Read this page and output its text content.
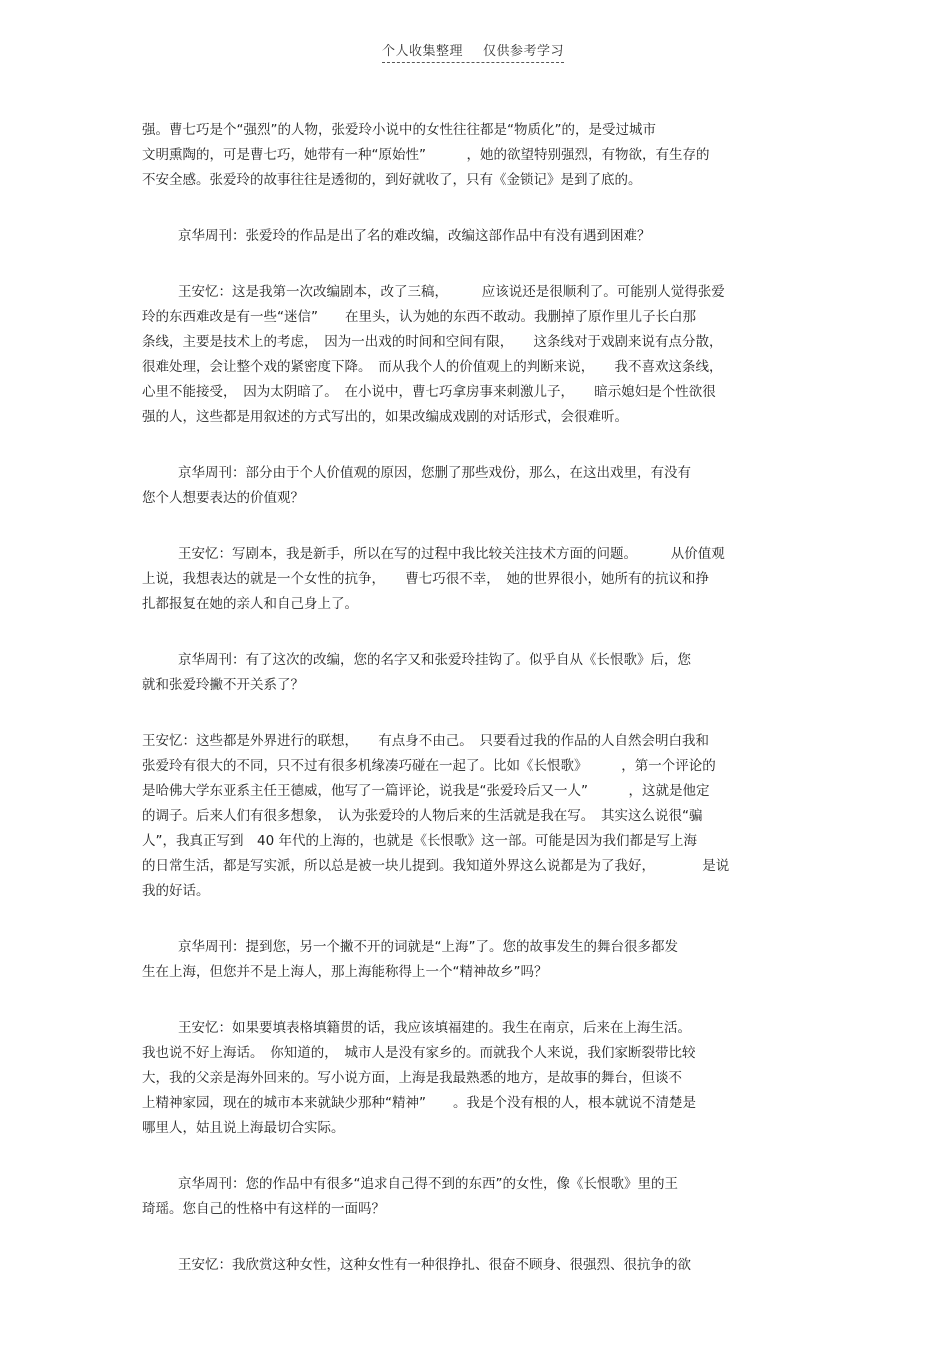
个人收集整理 仅供参考学习
强。曹七巧是个“强烈”的人物，张爱玲小说中的女性往往都是“物质化”的，是受过城市
文明熏陶的，可是曹七巧，她带有一种“原始性”　　　，她的欲望特别强烈，有物欲，有生存的
不安全感。张爱玲的故事往往是透彻的，到好就收了，只有《金锁记》是到了底的。
京华周刊：张爱玲的作品是出了名的难改编，改编这部作品中有没有遇到困难？
王安忆：这是我第一次改编剧本，改了三稿，　　　应该说还是很顺利了。可能别人觉得张爱
玲的东西难改是有一些“迷信”　　在里头，认为她的东西不敢动。我删掉了原作里儿子长白那
条线，主要是技术上的考虑，　因为一出戏的时间和空间有限，　　这条线对于戏剧来说有点分散，
很难处理，会让整个戏的紧密度下降。　而从我个人的价值观上的判断来说，　　我不喜欢这条线，
心里不能接受，　因为太阴暗了。　在小说中，曹七巧拿房事来刺激儿子，　　暗示媳妇是个性欲很
强的人，这些都是用叙述的方式写出的，如果改编成戏剧的对话形式，会很难听。
京华周刊：部分由于个人价值观的原因，您删了那些戏份，那么，在这出戏里，有没有
您个人想要表达的价值观？
王安忆：写剧本，我是新手，所以在写的过程中我比较关注技术方面的问题。　　　从价值观
上说，我想表达的就是一个女性的抗争，　　曹七巧很不幸，　她的世界很小，她所有的抗议和挣
扎都报复在她的亲人和自己身上了。
京华周刊：有了这次的改编，您的名字又和张爱玲挂钩了。似乎自从《长恨歌》后，您
就和张爱玲撇不开关系了？
王安忆：这些都是外界进行的联想，　　有点身不由己。　只要看过我的作品的人自然会明白我和
张爱玲有很大的不同，只不过有很多机缘凑巧碰在一起了。比如《长恨歌》　　　，第一个评论的
是哈佛大学东亚系主任王德威，他写了一篇评论，说我是“张爱玲后又一人”　　　，这就是他定
的调子。后来人们有很多想象，　认为张爱玲的人物后来的生活就是我在写。　其实这么说很“骗
人”，我真正写到　40 年代的上海的，也就是《长恨歌》这一部。可能是因为我们都是写上海
的日常生活，都是写实派，所以总是被一块儿提到。我知道外界这么说都是为了我好，　　　　是说
我的好话。
京华周刊：提到您，另一个撇不开的词就是“上海”了。您的故事发生的舞台很多都发
生在上海，但您并不是上海人，那上海能称得上一个“精神故乡”吗？
王安忆：如果要填表格填籍贯的话，我应该填福建的。我生在南京，后来在上海生活。
我也说不好上海话。　你知道的，　城市人是没有家乡的。而就我个人来说，我们家断裂带比较
大，我的父亲是海外回来的。写小说方面，上海是我最熟悉的地方，是故事的舞台，但谈不
上精神家园，现在的城市本来就缺少那种“精神”　　。我是个没有根的人，根本就说不清楚是
哪里人，姑且说上海最切合实际。
京华周刊：您的作品中有很多“追求自己得不到的东西”的女性，像《长恨歌》里的王
琦瑶。您自己的性格中有这样的一面吗？
王安忆：我欣赏这种女性，这种女性有一种很挣扎、很奋不顾身、很强烈、很抗争的欲
